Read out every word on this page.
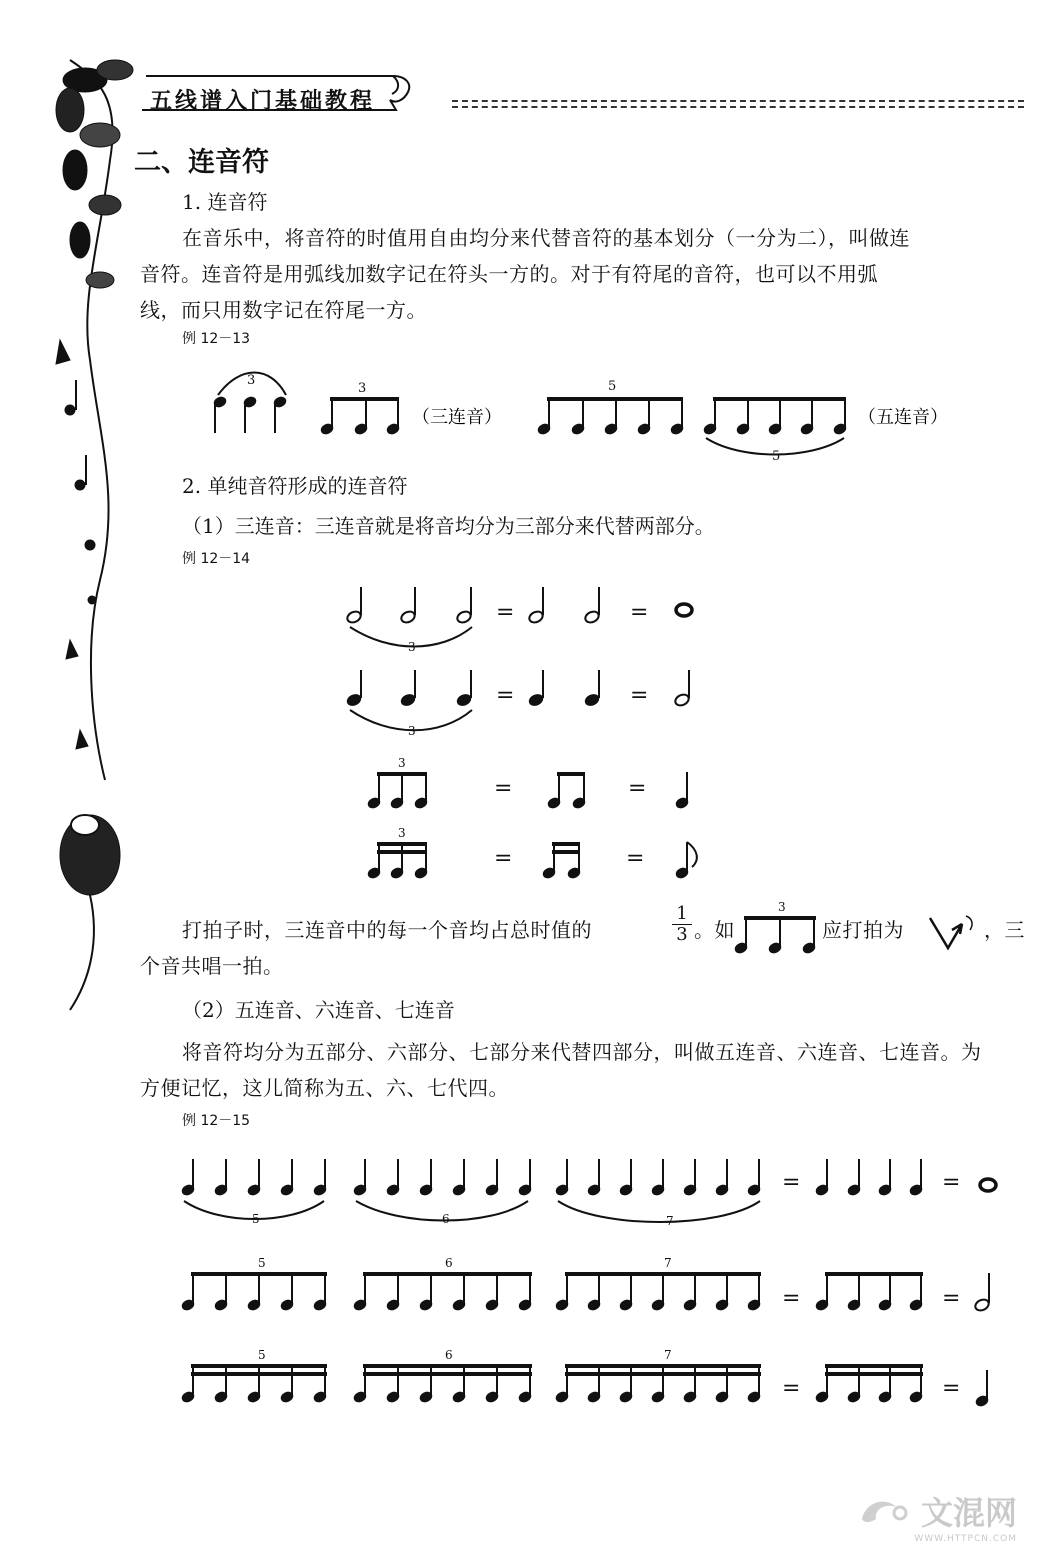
五线谱入门基础教程
二、连音符
1. 连音符
在音乐中，将音符的时值用自由均分来代替音符的基本划分（一分为二），叫做连
音符。连音符是用弧线加数字记在符头一方的。对于有符尾的音符，也可以不用弧
线，而只用数字记在符尾一方。
例 12－13
3
3
（三连音）
5
5
（五连音）
2. 单纯音符形成的连音符
（1）三连音：三连音就是将音均分为三部分来代替两部分。
例 12－14
3
=	=
3
=	=
3
=	=
3
=	=
打拍子时，三连音中的每一个音均占总时值的	$\frac{1}{3}$ 。如
3
应打拍为	，三
个音共唱一拍。
（2）五连音、六连音、七连音
将音符均分为五部分、六部分、七部分来代替四部分，叫做五连音、六连音、七连音。为
方便记忆，这儿简称为五、六、七代四。
例 12－15
5	6	7
=	=
5	6	7
=	=
5	6	7
=	=
文混网
WWW.HTTPCN.COM
